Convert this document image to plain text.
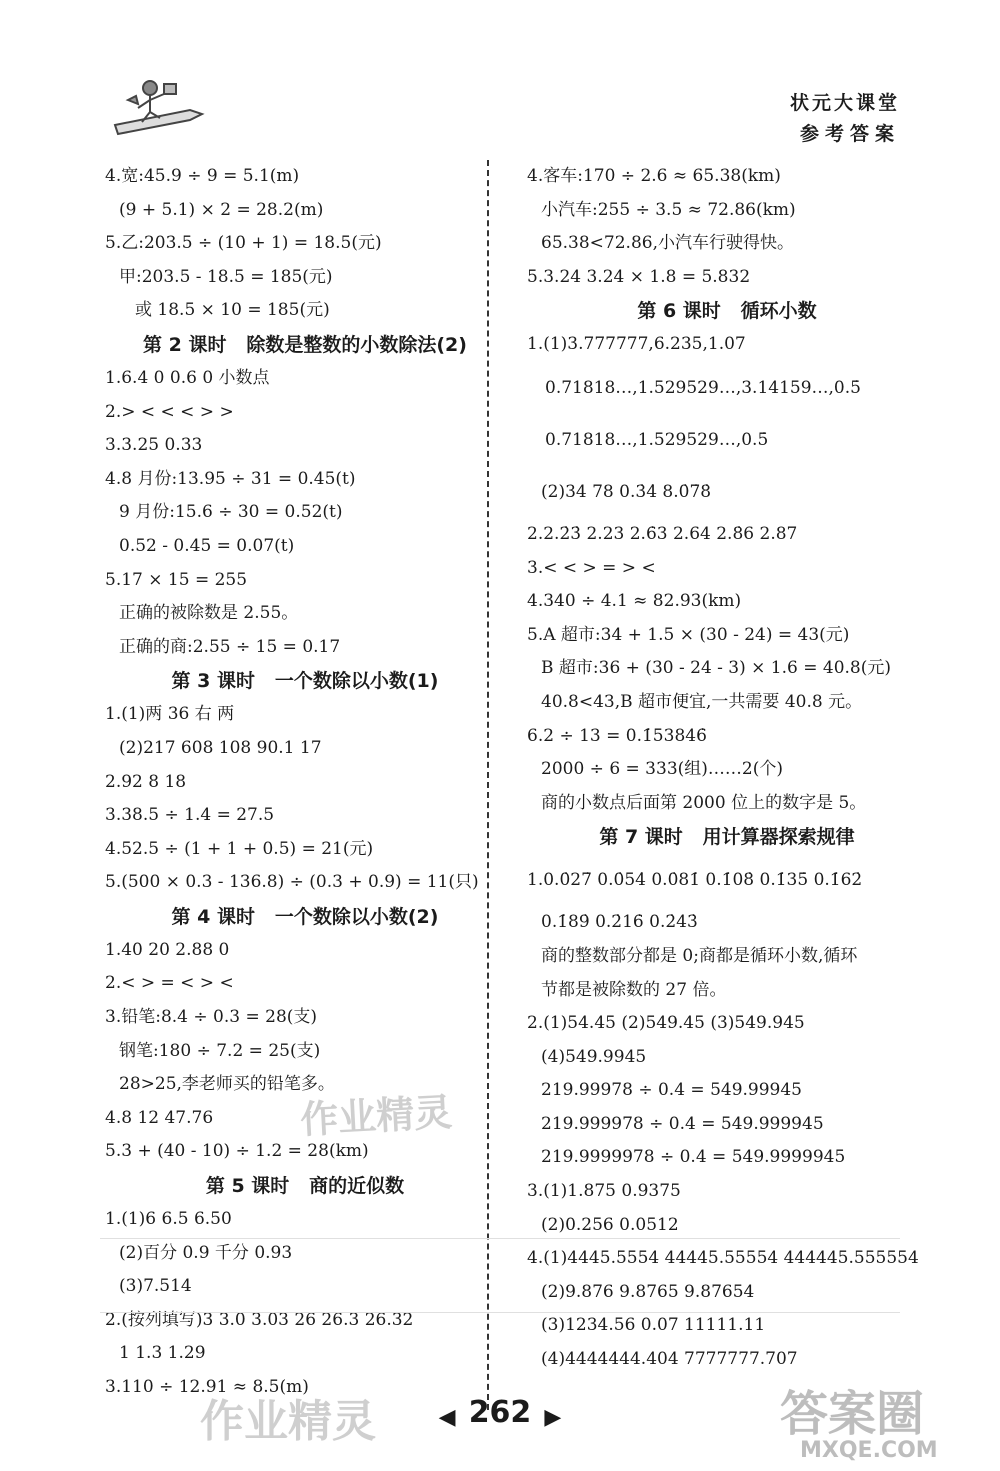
状元大课堂
参考答案
4.宽:45.9 ÷ 9 = 5.1(m)
(9 + 5.1) × 2 = 28.2(m)
5.乙:203.5 ÷ (10 + 1) = 18.5(元)
甲:203.5 - 18.5 = 185(元)
或 18.5 × 10 = 185(元)
第 2 课时   除数是整数的小数除法(2)
1.6.4 0 0.6 0 小数点
2.> < < < > >
3.3.25 0.33
4.8 月份:13.95 ÷ 31 = 0.45(t)
9 月份:15.6 ÷ 30 = 0.52(t)
0.52 - 0.45 = 0.07(t)
5.17 × 15 = 255
正确的被除数是 2.55。
正确的商:2.55 ÷ 15 = 0.17
第 3 课时   一个数除以小数(1)
1.(1)两 36 右 两
(2)217 608 108 90.1 17
2.92 8 18
3.38.5 ÷ 1.4 = 27.5
4.52.5 ÷ (1 + 1 + 0.5) = 21(元)
5.(500 × 0.3 - 136.8) ÷ (0.3 + 0.9) = 11(只)
第 4 课时   一个数除以小数(2)
1.40 20 2.88 0
2.< > = < > <
3.铅笔:8.4 ÷ 0.3 = 28(支)
钢笔:180 ÷ 7.2 = 25(支)
28>25,李老师买的铅笔多。
4.8 12 47.76
5.3 + (40 - 10) ÷ 1.2 = 28(km)
第 5 课时   商的近似数
1.(1)6 6.5 6.50
(2)百分 0.9 千分 0.93
(3)7.514
2.(按列填写)3 3.0 3.03 26 26.3 26.32
1 1.3 1.29
3.110 ÷ 12.91 ≈ 8.5(m)
4.客车:170 ÷ 2.6 ≈ 65.38(km)
小汽车:255 ÷ 3.5 ≈ 72.86(km)
65.38<72.86,小汽车行驶得快。
5.3.24 3.24 × 1.8 = 5.832
第 6 课时   循环小数
1.(1)3.777777,6.235,1.07
0.71818…,1.529529…,3.14159…,0.5̇
0.71818…,1.529529…,0.5̇
(2)34 78 0.3̇4̇ 8.0̇7̇8̇
2.2.2̇3̇ 2.23 2.6̇3 2.64 2.8̇6 2.87
3.< < > = > <
4.340 ÷ 4.1 ≈ 82.93(km)
5.A 超市:34 + 1.5 × (30 - 24) = 43(元)
B 超市:36 + (30 - 24 - 3) × 1.6 = 40.8(元)
40.8<43,B 超市便宜,一共需要 40.8 元。
6.2 ÷ 13 = 0.1̇53846̇
2000 ÷ 6 = 333(组)……2(个)
商的小数点后面第 2000 位上的数字是 5。
第 7 课时   用计算器探索规律
1.0.0̇27̇ 0.0̇54̇ 0.0̇81̇ 0.1̇08̇ 0.1̇35̇ 0.1̇62̇
0.1̇89̇ 0.2̇16̇ 0.2̇43̇
商的整数部分都是 0;商都是循环小数,循环
节都是被除数的 27 倍。
2.(1)54.45 (2)549.45 (3)549.945
(4)549.9945
219.99978 ÷ 0.4 = 549.99945
219.999978 ÷ 0.4 = 549.999945
219.9999978 ÷ 0.4 = 549.9999945
3.(1)1.875 0.9375
(2)0.256 0.0512
4.(1)4445.5554 44445.55554 444445.555554
(2)9.876 9.8765 9.87654
(3)1234.56 0.07 11111.11
(4)4444444.404 7777777.707
作业精灵
作业精灵	答案圈
MXQE.COM
◀ 262 ▶
